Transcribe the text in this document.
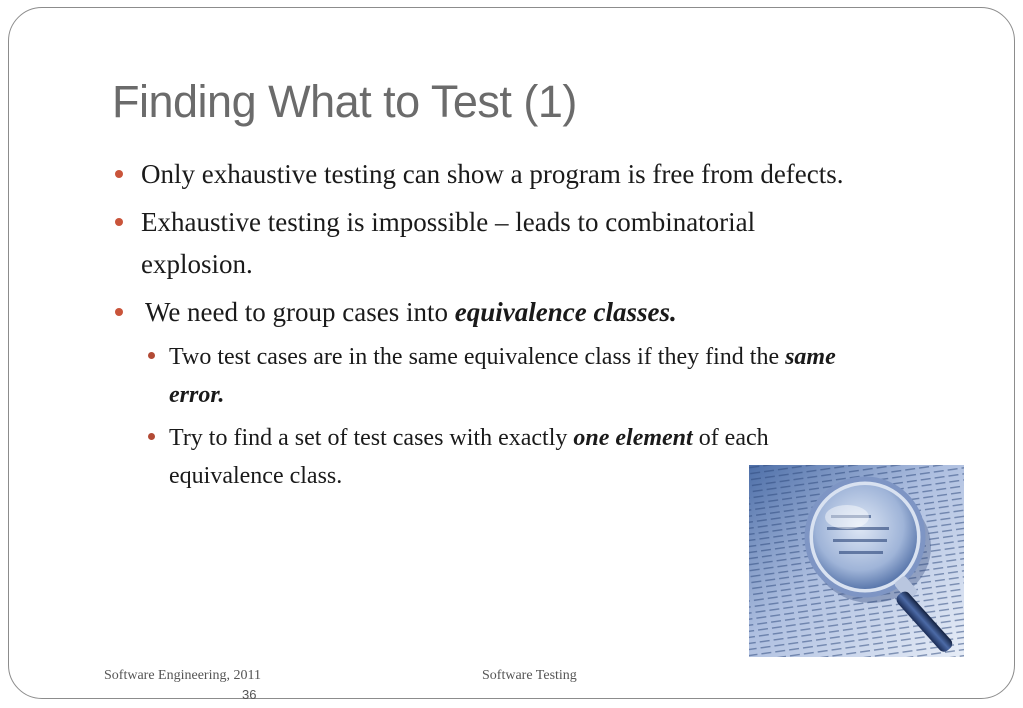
Finding What to Test (1)
Only exhaustive testing can show a program is free from defects.
Exhaustive testing is impossible – leads to combinatorial
explosion.
We need to group cases into equivalence classes.
Two test cases are in the same equivalence class if they find the same
error.
Try to find a set of test cases with exactly one element of each
equivalence class.
Software Engineering, 2011	Software Testing
36
